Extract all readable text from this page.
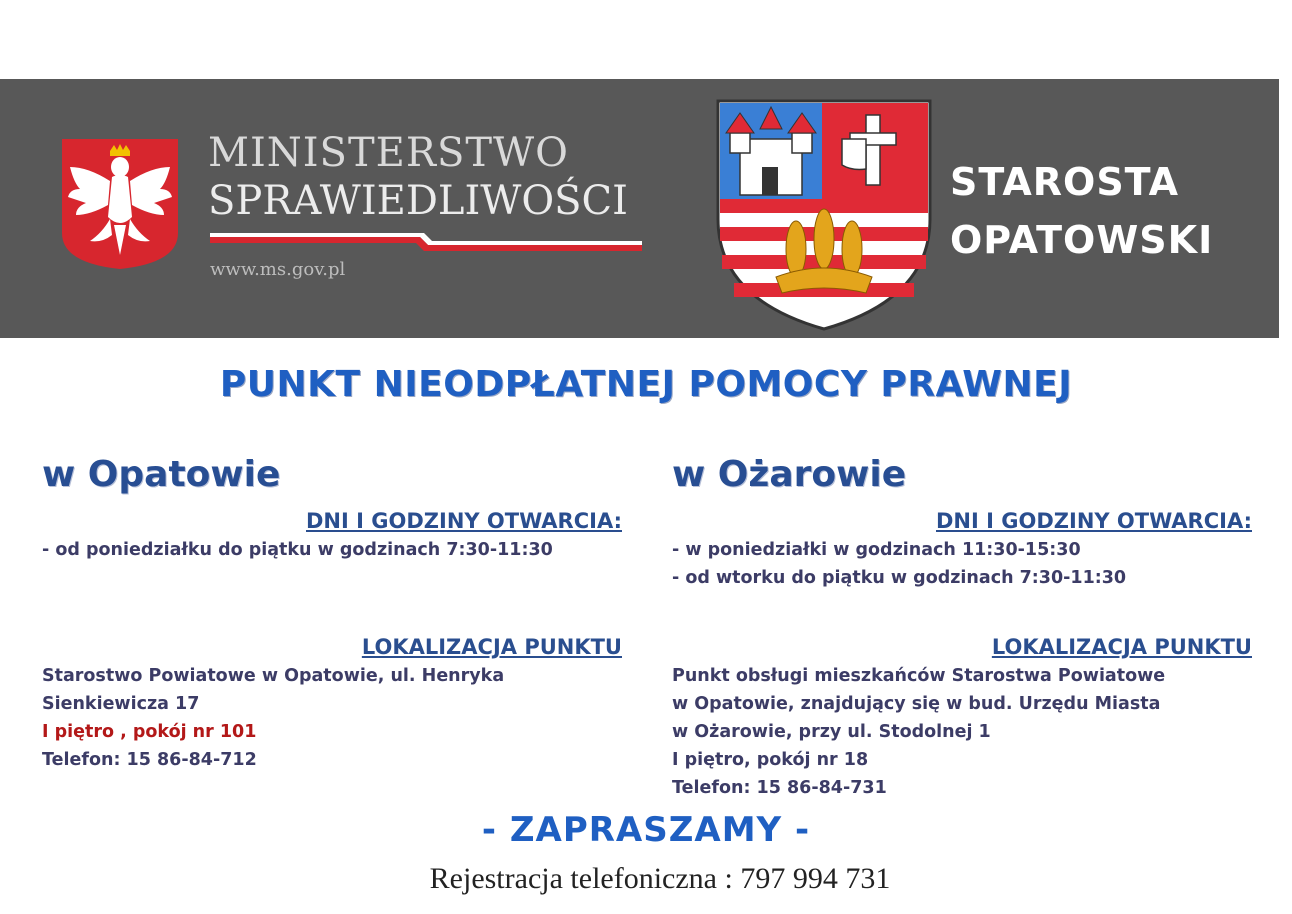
MINISTERSTWO
SPRAWIEDLIWOŚCI
www.ms.gov.pl
STAROSTA
OPATOWSKI
PUNKT NIEODPŁATNEJ POMOCY PRAWNEJ
w Opatowie
DNI I GODZINY OTWARCIA:
- od poniedziałku do piątku w godzinach 7:30-11:30
LOKALIZACJA PUNKTU
Starostwo Powiatowe w Opatowie, ul. Henryka
Sienkiewicza 17
I piętro , pokój nr 101
Telefon: 15 86-84-712
w Ożarowie
DNI I GODZINY OTWARCIA:
- w poniedziałki w godzinach 11:30-15:30
- od wtorku do piątku w godzinach 7:30-11:30
LOKALIZACJA PUNKTU
Punkt obsługi mieszkańców Starostwa Powiatowe
w Opatowie, znajdujący się w bud. Urzędu Miasta
w Ożarowie, przy ul. Stodolnej 1
I piętro, pokój nr 18
Telefon: 15 86-84-731
- ZAPRASZAMY -
Rejestracja telefoniczna : 797 994 731
